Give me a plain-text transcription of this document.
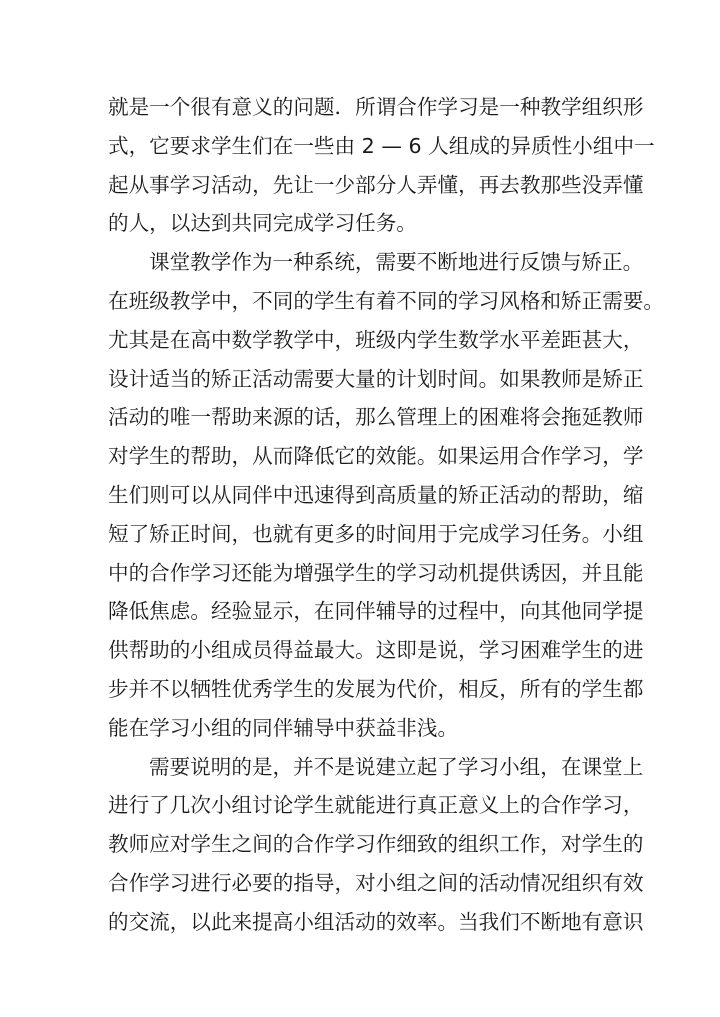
就是一个很有意义的问题．所谓合作学习是一种教学组织形
式，它要求学生们在一些由 2 — 6 人组成的异质性小组中一
起从事学习活动，先让一少部分人弄懂，再去教那些没弄懂
的人，以达到共同完成学习任务。
课堂教学作为一种系统，需要不断地进行反馈与矫正。
在班级教学中，不同的学生有着不同的学习风格和矫正需要。
尤其是在高中数学教学中，班级内学生数学水平差距甚大，
设计适当的矫正活动需要大量的计划时间。如果教师是矫正
活动的唯一帮助来源的话，那么管理上的困难将会拖延教师
对学生的帮助，从而降低它的效能。如果运用合作学习，学
生们则可以从同伴中迅速得到高质量的矫正活动的帮助，缩
短了矫正时间，也就有更多的时间用于完成学习任务。小组
中的合作学习还能为增强学生的学习动机提供诱因，并且能
降低焦虑。经验显示，在同伴辅导的过程中，向其他同学提
供帮助的小组成员得益最大。这即是说，学习困难学生的进
步并不以牺牲优秀学生的发展为代价，相反，所有的学生都
能在学习小组的同伴辅导中获益非浅。
需要说明的是，并不是说建立起了学习小组，在课堂上
进行了几次小组讨论学生就能进行真正意义上的合作学习，
教师应对学生之间的合作学习作细致的组织工作，对学生的
合作学习进行必要的指导，对小组之间的活动情况组织有效
的交流，以此来提高小组活动的效率。当我们不断地有意识
